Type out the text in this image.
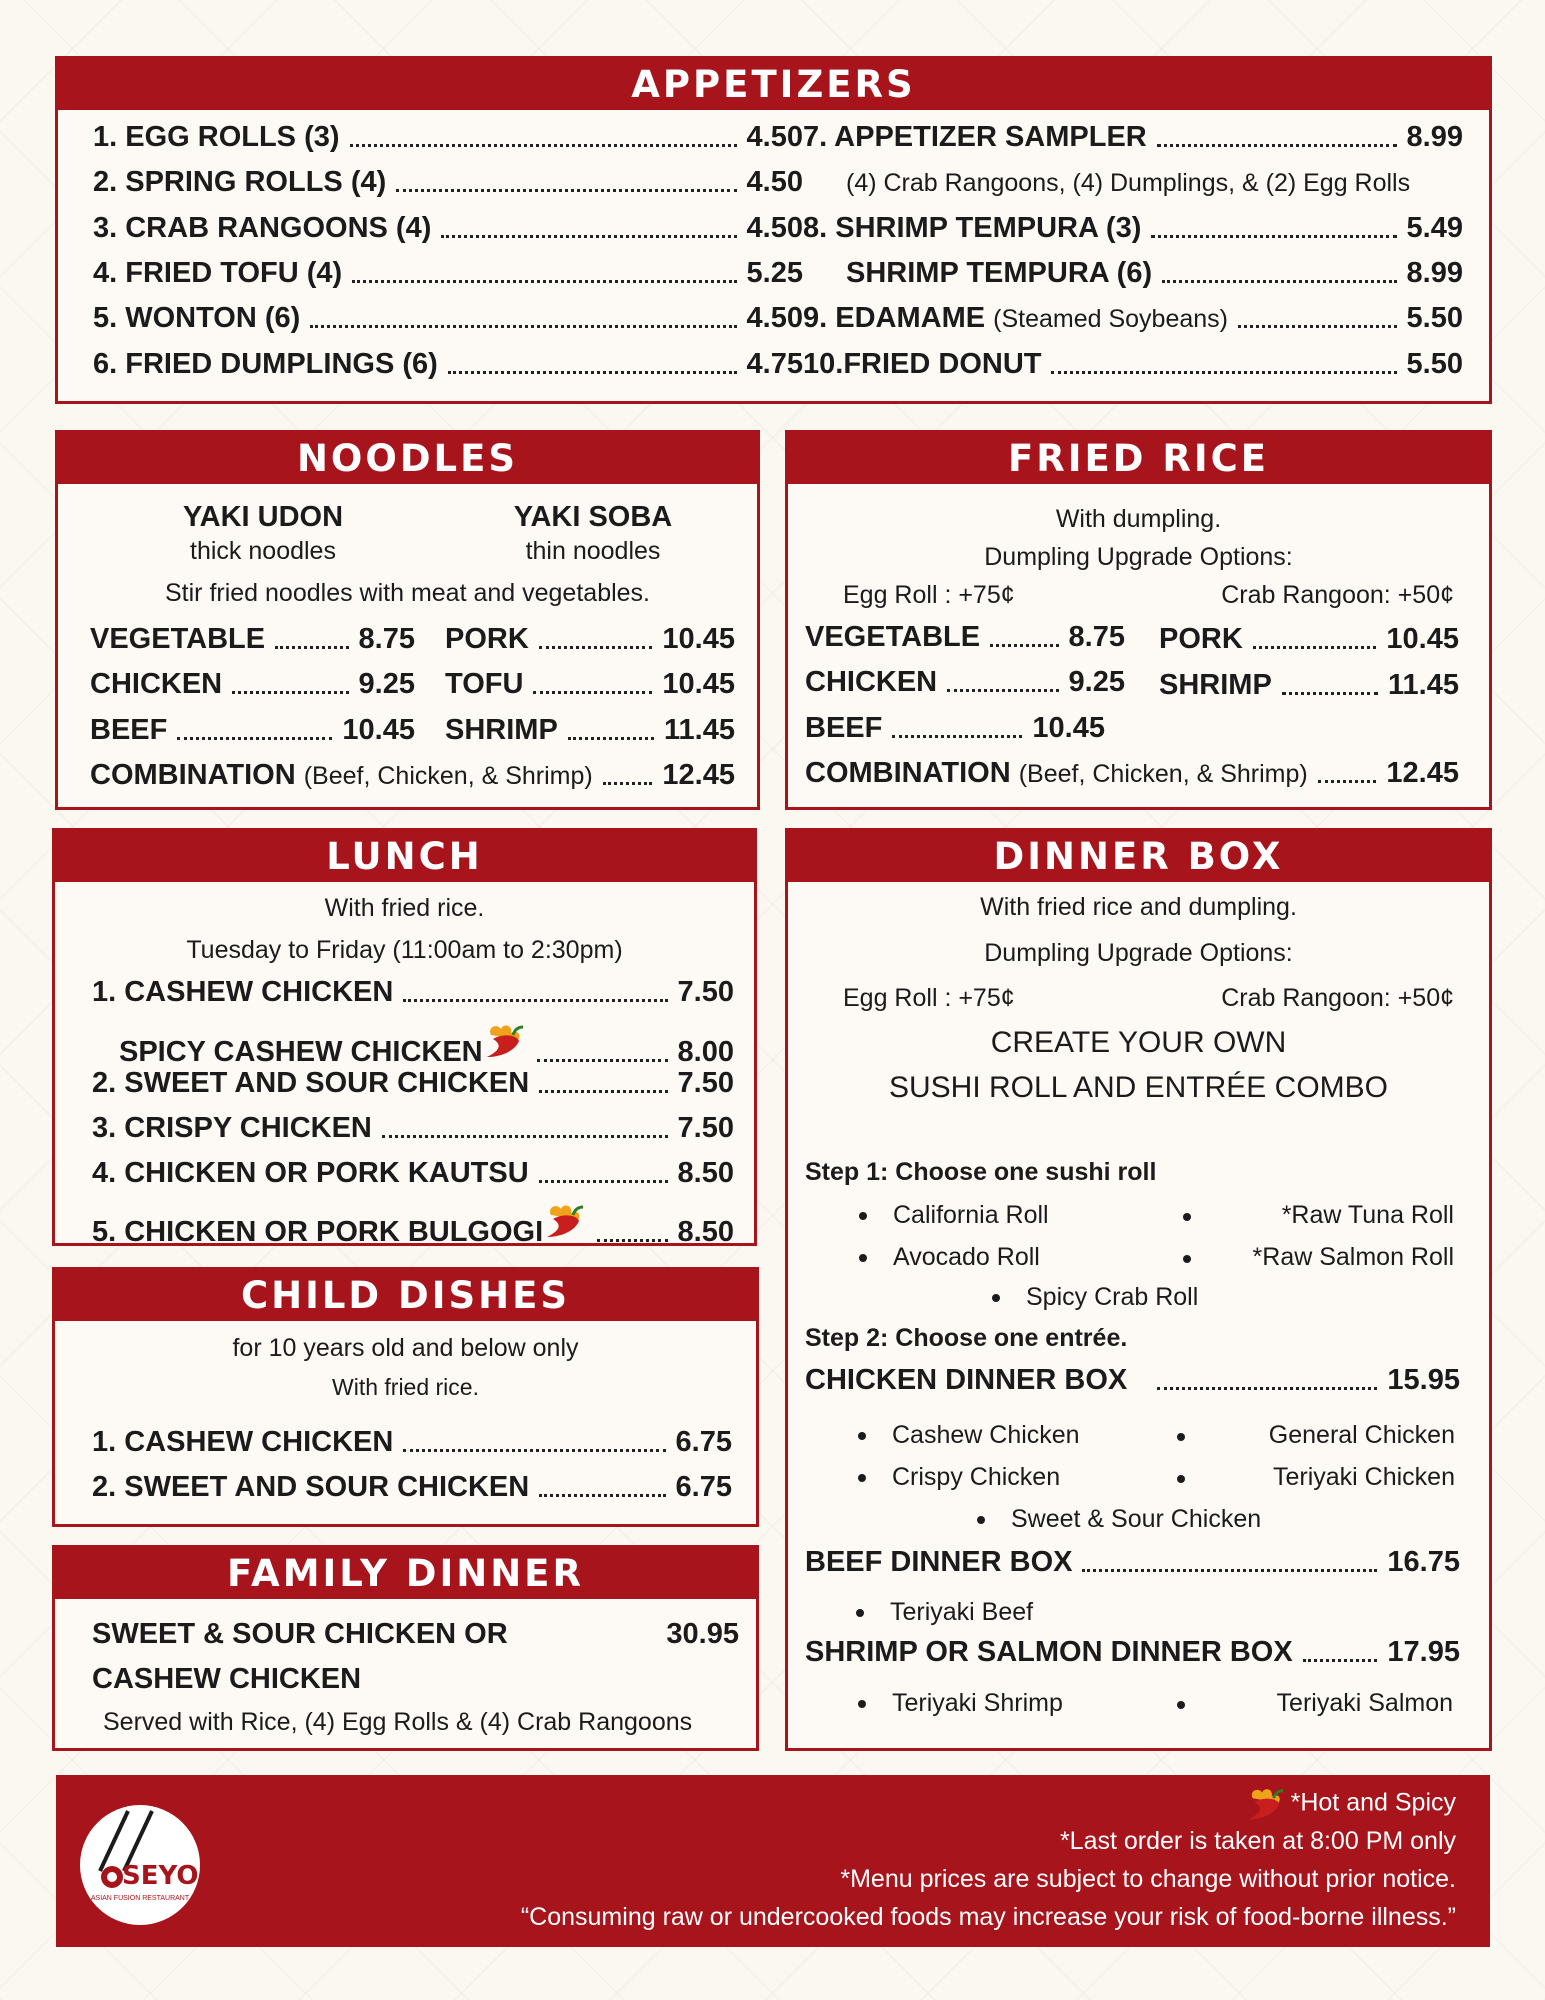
APPETIZERS
1. EGG ROLLS (3)	4.50
2. SPRING ROLLS (4)	4.50
3. CRAB RANGOONS (4)	4.50
4. FRIED TOFU (4)	5.25
5. WONTON (6)	4.50
6. FRIED DUMPLINGS (6)	4.75
7. APPETIZER SAMPLER	8.99
(4) Crab Rangoons, (4) Dumplings, & (2) Egg Rolls
8. SHRIMP TEMPURA (3)	5.49
SHRIMP TEMPURA (6)	8.99
9. EDAMAME
(Steamed Soybeans)	5.50
10.FRIED DONUT	5.50
NOODLES
YAKI UDON
thick noodles
YAKI SOBA
thin noodles
Stir fried noodles with meat and vegetables.
VEGETABLE	8.75 PORK	10.45
CHICKEN	9.25 TOFU	10.45
BEEF	10.45 SHRIMP	11.45
COMBINATION
(Beef, Chicken, & Shrimp) 12.45
FRIED RICE
With dumpling.
Dumpling Upgrade Options:
Egg Roll : +75¢	Crab Rangoon: +50¢
VEGETABLE	8.75 PORK	10.45
CHICKEN	9.25 SHRIMP	11.45
BEEF	10.45
COMBINATION
(Beef, Chicken, & Shrimp)	12.45
LUNCH
With fried rice.
Tuesday to Friday (11:00am to 2:30pm)
1. CASHEW CHICKEN	7.50
SPICY CASHEW CHICKEN	8.00
2. SWEET AND SOUR CHICKEN	7.50
3. CRISPY CHICKEN	7.50
4. CHICKEN OR PORK KAUTSU	8.50
5. CHICKEN OR PORK BULGOGI	8.50
CHILD DISHES
for 10 years old and below only
With fried rice.
1. CASHEW CHICKEN	6.75
2. SWEET AND SOUR CHICKEN	6.75
FAMILY DINNER
SWEET & SOUR CHICKEN OR	30.95
CASHEW CHICKEN
Served with Rice, (4) Egg Rolls & (4) Crab Rangoons
DINNER BOX
With fried rice and dumpling.
Dumpling Upgrade Options:
Egg Roll : +75¢	Crab Rangoon: +50¢
CREATE YOUR OWN
SUSHI ROLL AND ENTRÉE COMBO
Step 1: Choose one sushi roll
California Roll	*Raw Tuna Roll
Avocado Roll	*Raw Salmon Roll
Spicy Crab Roll
Step 2: Choose one entrée.
CHICKEN DINNER BOX	15.95
Cashew Chicken	General Chicken
Crispy Chicken	Teriyaki Chicken
Sweet & Sour Chicken
BEEF DINNER BOX	16.75
Teriyaki Beef
SHRIMP OR SALMON DINNER BOX	17.95
Teriyaki Shrimp	Teriyaki Salmon
SEYO
ASIAN FUSION RESTAURANT
*Hot and Spicy
*Last order is taken at 8:00 PM only
*Menu prices are subject to change without prior notice.
“Consuming raw or undercooked foods may increase your risk of food-borne illness.”
